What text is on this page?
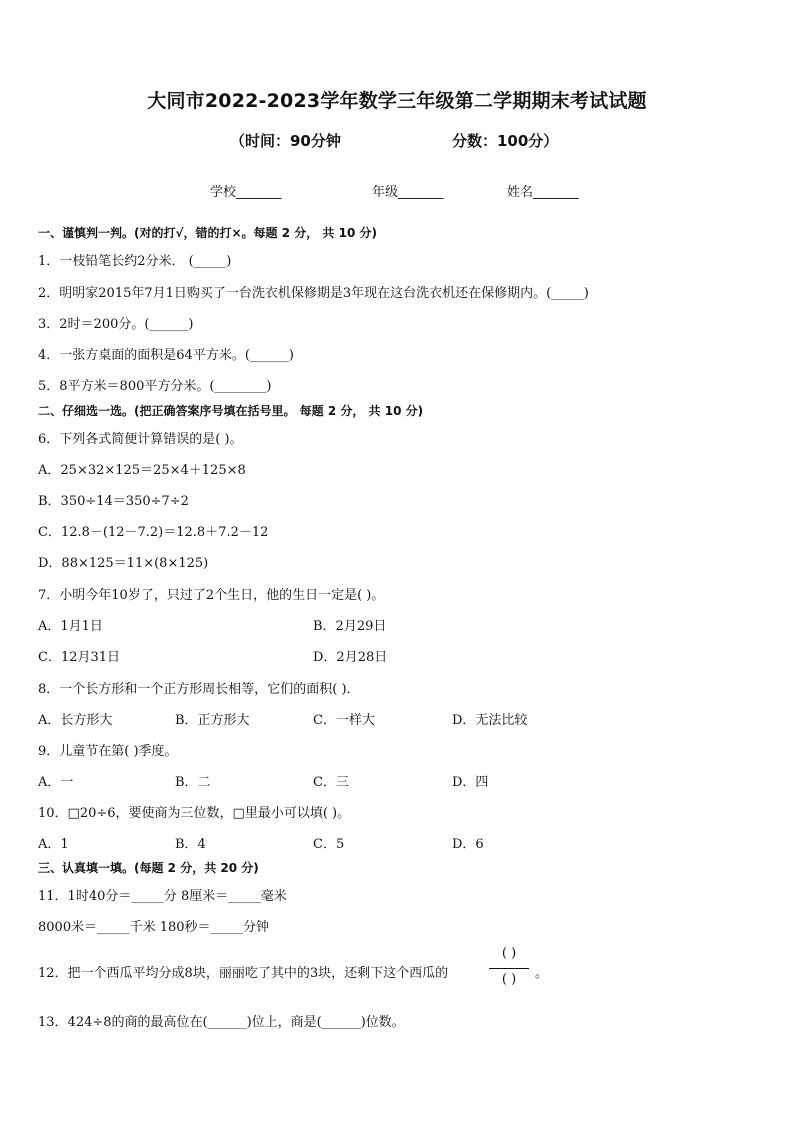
大同市2022-2023学年数学三年级第二学期期末考试试题
（时间：90分钟	分数：100分）
学校_______	年级_______	姓名_______
一、谨慎判一判。(对的打√，错的打×。每题 2 分， 共 10 分)
1．一枝铅笔长约2分米． (_____)
2．明明家2015年7月1日购买了一台洗衣机保修期是3年现在这台洗衣机还在保修期内。(_____)
3．2时＝200分。(______)
4．一张方桌面的面积是64平方米。(______)
5．8平方米＝800平方分米。(________)
二、仔细选一选。(把正确答案序号填在括号里。 每题 2 分， 共 10 分)
6．下列各式简便计算错误的是( )。
A．25×32×125＝25×4＋125×8
B．350÷14＝350÷7÷2
C．12.8－(12－7.2)＝12.8＋7.2－12
D．88×125＝11×(8×125)
7．小明今年10岁了，只过了2个生日，他的生日一定是( )。
A．1月1日	B．2月29日
C．12月31日	D．2月28日
8．一个长方形和一个正方形周长相等，它们的面积( )．
A．长方形大	B．正方形大	C．一样大	D．无法比较
9．儿童节在第( )季度。
A．一	B．二	C．三	D．四
10．□20÷6，要使商为三位数，□里最小可以填( )。
A．1	B．4	C．5	D．6
三、认真填一填。(每题 2 分，共 20 分)
11．1时40分＝_____分 8厘米＝_____毫米
8000米＝_____千米 180秒＝_____分钟
12．把一个西瓜平均分成8块，丽丽吃了其中的3块，还剩下这个西瓜的
( )
( )	。
13．424÷8的商的最高位在(______)位上，商是(______)位数。
